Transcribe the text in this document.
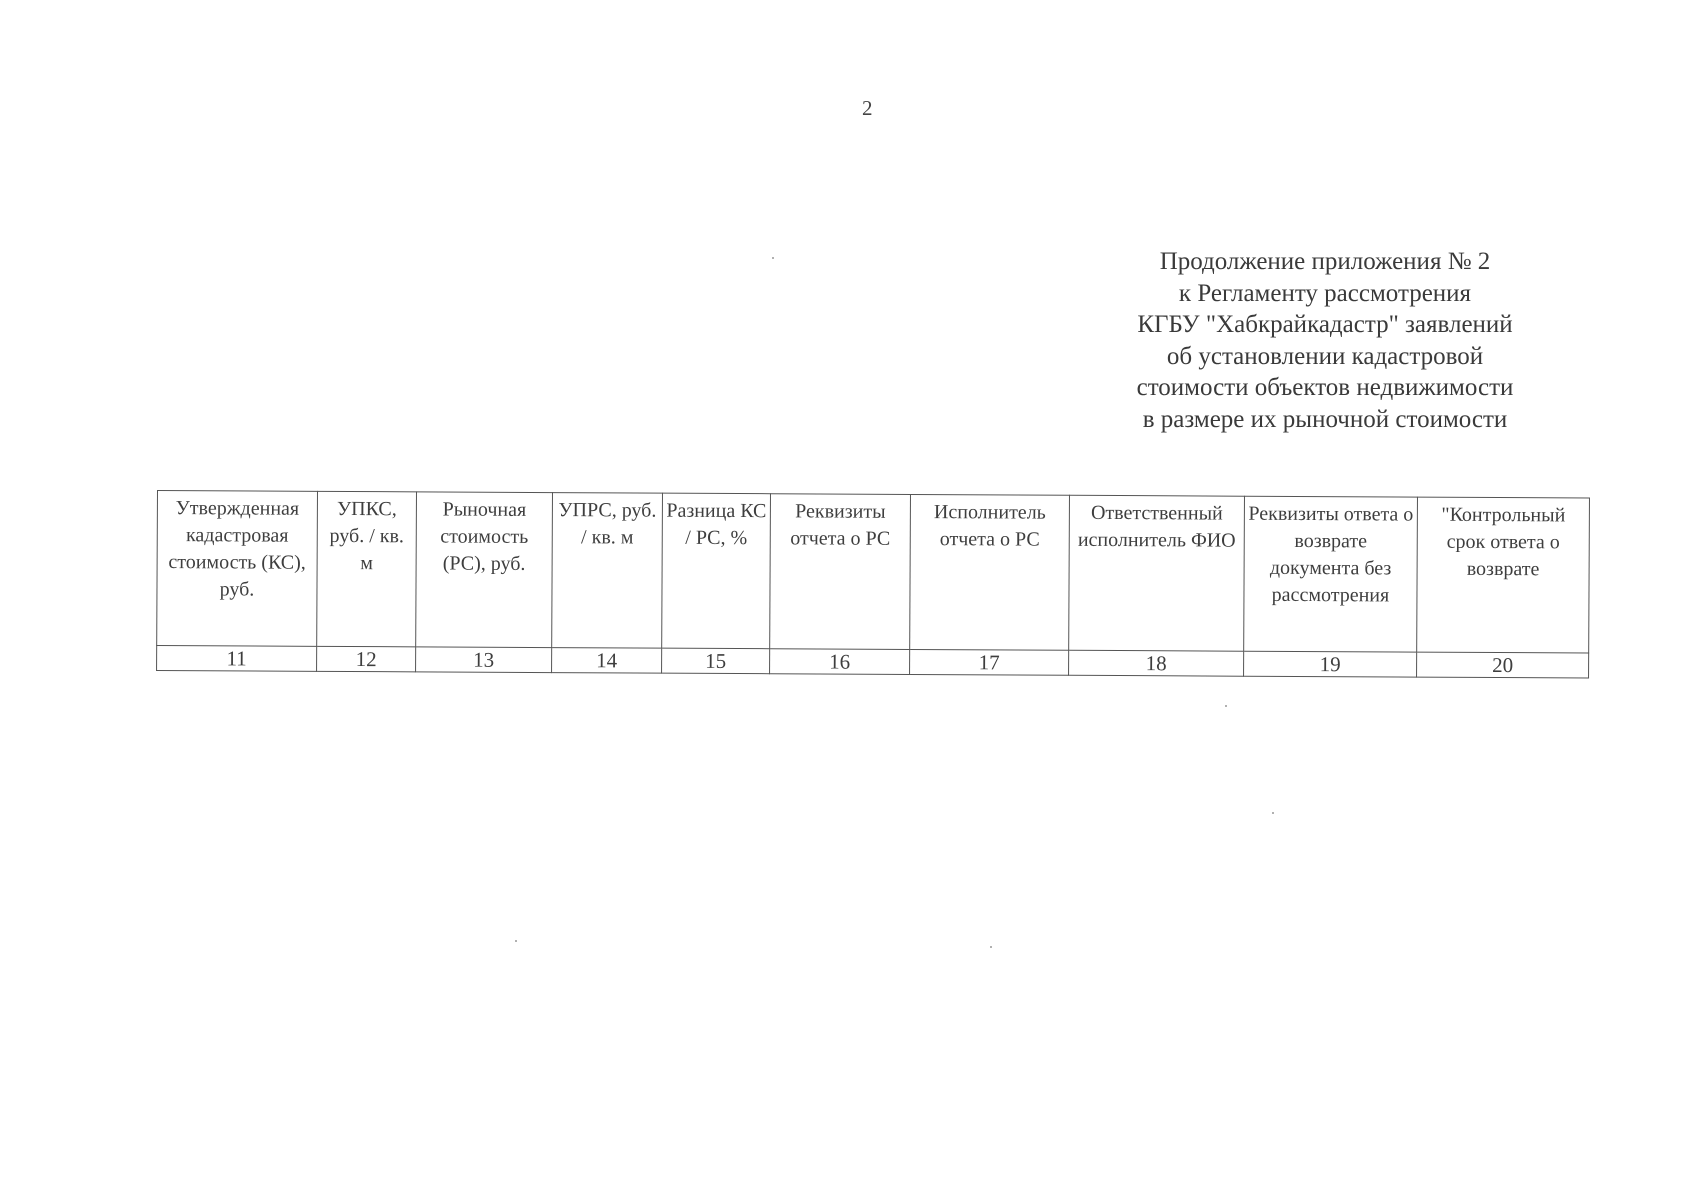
2
Продолжение приложения № 2
к Регламенту рассмотрения
КГБУ "Хабкрайкадастр" заявлений
об установлении кадастровой
стоимости объектов недвижимости
в размере их рыночной стоимости
Утвержденная кадастровая стоимость (КС), руб.	УПКС, руб. / кв. м	Рыночная стоимость (РС), руб.	УПРС, руб. / кв. м	Разница КС / РС, %	Реквизиты отчета о РС	Исполнитель отчета о РС	Ответственный исполнитель ФИО	Реквизиты ответа о возврате документа без рассмотрения	"Контрольный срок ответа о возврате
11	12	13	14	15	16	17	18	19	20
